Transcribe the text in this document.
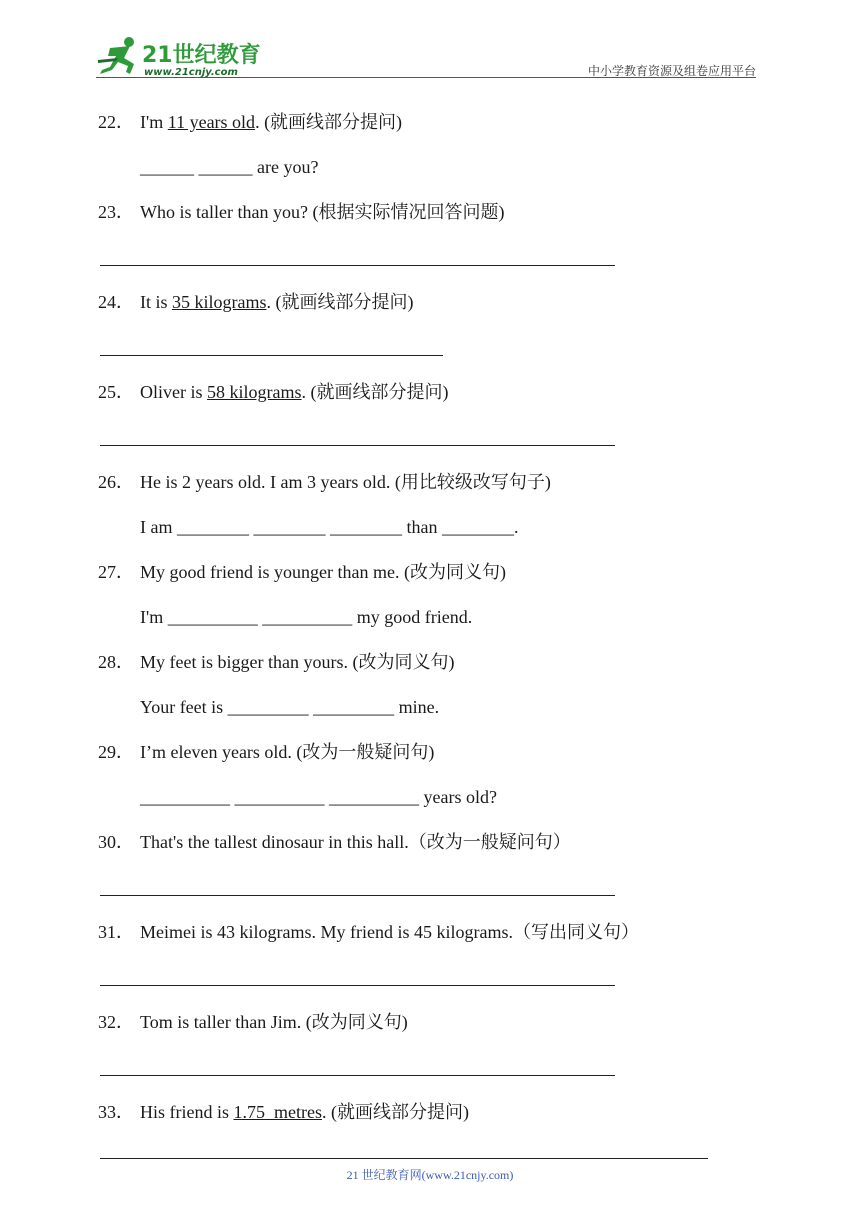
21世纪教育
www.21cnjy.com	中小学教育资源及组卷应用平台
22． I'm 11 years old. (就画线部分提问)
______ ______ are you?
23． Who is taller than you? (根据实际情况回答问题)
24． It is 35 kilograms. (就画线部分提问)
25． Oliver is 58 kilograms. (就画线部分提问)
26． He is 2 years old. I am 3 years old. (用比较级改写句子)
I am ________ ________ ________ than ________.
27． My good friend is younger than me. (改为同义句)
I'm __________ __________ my good friend.
28． My feet is bigger than yours. (改为同义句)
Your feet is _________ _________ mine.
29． I’m eleven years old. (改为一般疑问句)
__________ __________ __________ years old?
30． That's the tallest dinosaur in this hall.（改为一般疑问句）
31． Meimei is 43 kilograms. My friend is 45 kilograms.（写出同义句）
32． Tom is taller than Jim. (改为同义句)
33． His friend is 1.75  metres. (就画线部分提问)
21 世纪教育网(www.21cnjy.com)
